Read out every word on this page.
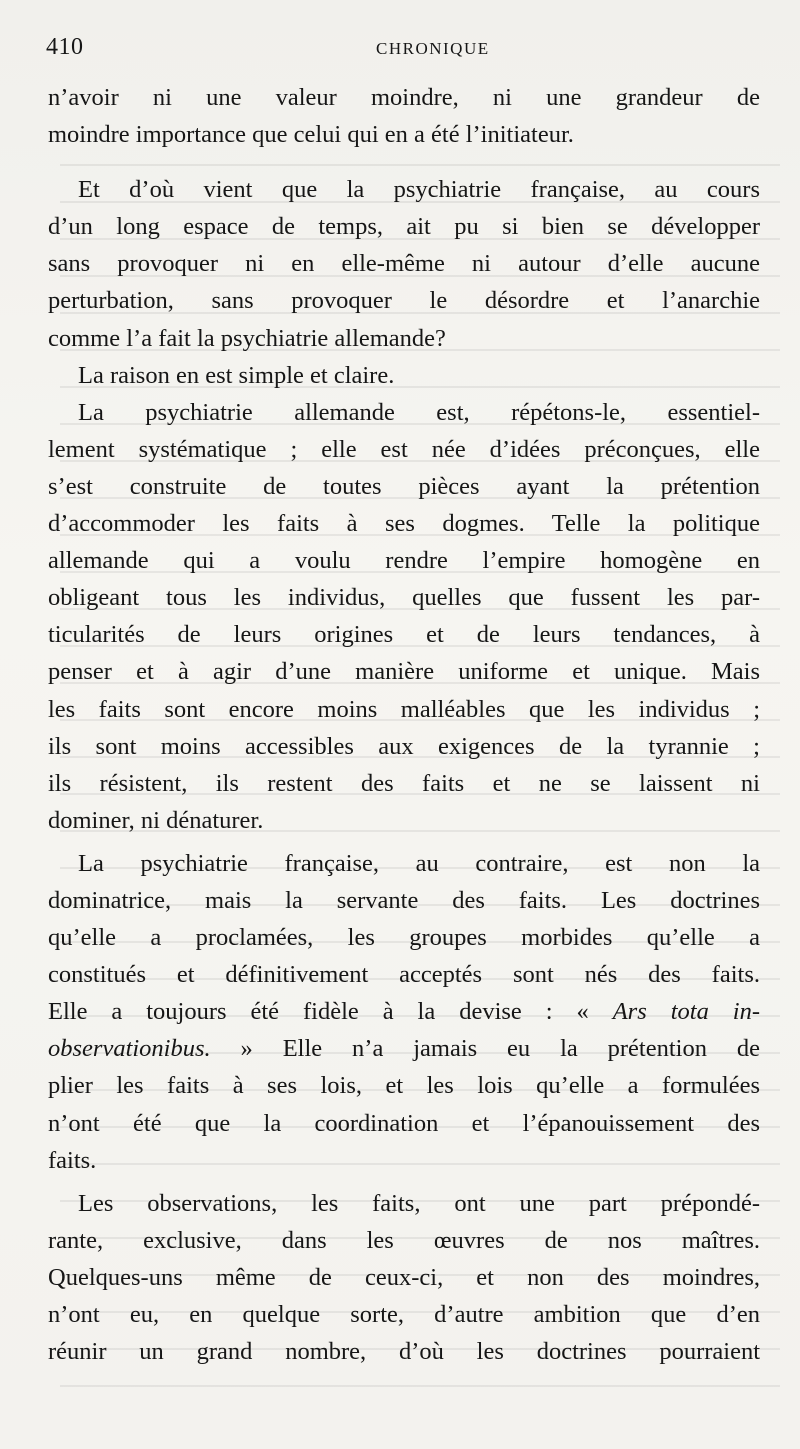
410	CHRONIQUE
n’avoir ni une valeur moindre, ni une grandeur de
moindre importance que celui qui en a été l’initiateur.
Et d’où vient que la psychiatrie française, au cours
d’un long espace de temps, ait pu si bien se développer
sans provoquer ni en elle-même ni autour d’elle aucune
perturbation, sans provoquer le désordre et l’anarchie
comme l’a fait la psychiatrie allemande?
La raison en est simple et claire.
La psychiatrie allemande est, répétons-le, essentiel-
lement systématique ; elle est née d’idées préconçues, elle
s’est construite de toutes pièces ayant la prétention
d’accommoder les faits à ses dogmes. Telle la politique
allemande qui a voulu rendre l’empire homogène en
obligeant tous les individus, quelles que fussent les par-
ticularités de leurs origines et de leurs tendances, à
penser et à agir d’une manière uniforme et unique. Mais
les faits sont encore moins malléables que les individus ;
ils sont moins accessibles aux exigences de la tyrannie ;
ils résistent, ils restent des faits et ne se laissent ni
dominer, ni dénaturer.
La psychiatrie française, au contraire, est non la
dominatrice, mais la servante des faits. Les doctrines
qu’elle a proclamées, les groupes morbides qu’elle a
constitués et définitivement acceptés sont nés des faits.
Elle a toujours été fidèle à la devise : « Ars tota in-
observationibus. » Elle n’a jamais eu la prétention de
plier les faits à ses lois, et les lois qu’elle a formulées
n’ont été que la coordination et l’épanouissement des
faits.
Les observations, les faits, ont une part prépondé-
rante, exclusive, dans les œuvres de nos maîtres.
Quelques-uns même de ceux-ci, et non des moindres,
n’ont eu, en quelque sorte, d’autre ambition que d’en
réunir un grand nombre, d’où les doctrines pourraient
